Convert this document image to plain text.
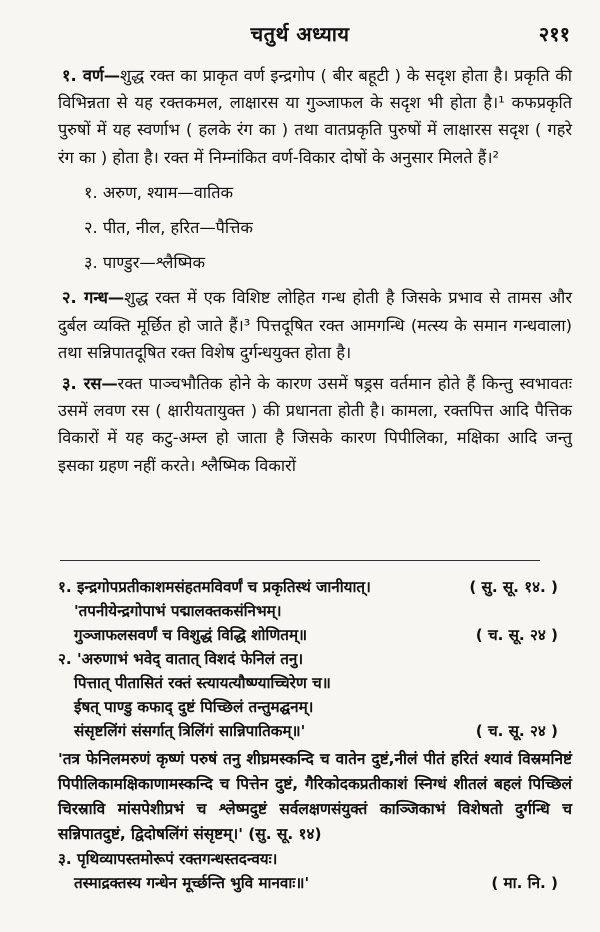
चतुर्थ अध्याय	२११

१. वर्ण—शुद्ध रक्त का प्राकृत वर्ण इन्द्रगोप ( बीर बहूटी ) के सदृश होता है। प्रकृति की विभिन्नता से यह रक्तकमल, लाक्षारस या गुञ्जाफल के सदृश भी होता है।¹ कफप्रकृति पुरुषों में यह स्वर्णाभ ( हलके रंग का ) तथा वातप्रकृति पुरुषों में लाक्षारस सदृश ( गहरे रंग का ) होता है। रक्त में निम्नांकित वर्ण-विकार दोषों के अनुसार मिलते हैं।²

१. अरुण, श्याम—वातिक
२. पीत, नील, हरित—पैत्तिक
३. पाण्डुर—श्लैष्मिक

२. गन्ध—शुद्ध रक्त में एक विशिष्ट लोहित गन्ध होती है जिसके प्रभाव से तामस और दुर्बल व्यक्ति मूर्छित हो जाते हैं।³ पित्तदूषित रक्त आमगन्धि (मत्स्य के समान गन्धवाला) तथा सन्निपातदूषित रक्त विशेष दुर्गन्धयुक्त होता है।

३. रस—रक्त पाञ्चभौतिक होने के कारण उसमें षड्रस वर्तमान होते हैं किन्तु स्वभावतः उसमें लवण रस ( क्षारीयतायुक्त ) की प्रधानता होती है। कामला, रक्तपित्त आदि पैत्तिक विकारों में यह कटु-अम्ल हो जाता है जिसके कारण पिपीलिका, मक्षिका आदि जन्तु इसका ग्रहण नहीं करते। श्लैष्मिक विकारों

१. इन्द्रगोपप्रतीकाशमसंहतमविवर्णं च प्रकृतिस्थं जानीयात्।	( सु. सू. १४. )
'तपनीयेन्द्रगोपाभं पद्मालक्तकसंनिभम्।
गुञ्जाफलसवर्णं च विशुद्धं विद्धि शोणितम्॥	( च. सू. २४ )
२. 'अरुणाभं भवेद् वातात् विशदं फेनिलं तनु।
पित्तात् पीतासितं रक्तं स्त्यायत्यौष्ण्याच्चिरेण च॥
ईषत् पाण्डु कफाद् दुष्टं पिच्छिलं तन्तुमद्घनम्।
संसृष्टलिंगं संसर्गात् त्रिलिंगं सान्निपातिकम्॥'	( च. सू. २४ )
'तत्र फेनिलमरुणं कृष्णं परुषं तनु शीघ्रमस्कन्दि च वातेन दुष्टं,नीलं पीतं हरितं श्यावं विस्रमनिष्टं पिपीलिकामक्षिकाणामस्कन्दि च पित्तेन दुष्टं, गैरिकोदकप्रतीकाशं स्निग्धं शीतलं बहलं पिच्छिलं चिरस्रावि मांसपेशीप्रभं च श्लेष्मदुष्टं सर्वलक्षणसंयुक्तं काञ्जिकाभं विशेषतो दुर्गन्धि च सन्निपातदुष्टं, द्विदोषलिंगं संसृष्टम्।' (सु. सू. १४)
३. पृथिव्यापस्तमोरूपं रक्तगन्धस्तदन्वयः।
तस्माद्रक्तस्य गन्धेन मूर्च्छन्ति भुवि मानवाः॥'	( मा. नि. )
